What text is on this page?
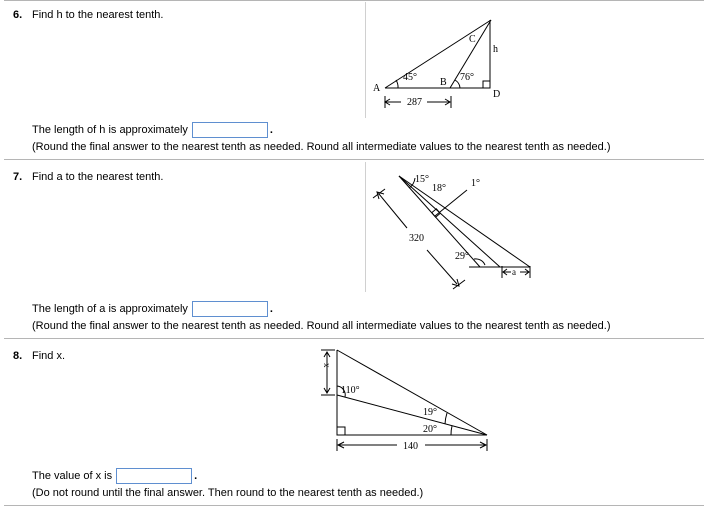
6. Find h to the nearest tenth.
A
B
C
D
h
45°	76°
287
The length of h is approximately	.
(Round the final answer to the nearest tenth as needed. Round all intermediate values to the nearest tenth as needed.)
7. Find a to the nearest tenth.	15°
18°	1°
29°
320
a
The length of a is approximately	.
(Round the final answer to the nearest tenth as needed. Round all intermediate values to the nearest tenth as needed.)
8. Find x.
110°
19°
20°
x
140
The value of x is	.
(Do not round until the final answer. Then round to the nearest tenth as needed.)
